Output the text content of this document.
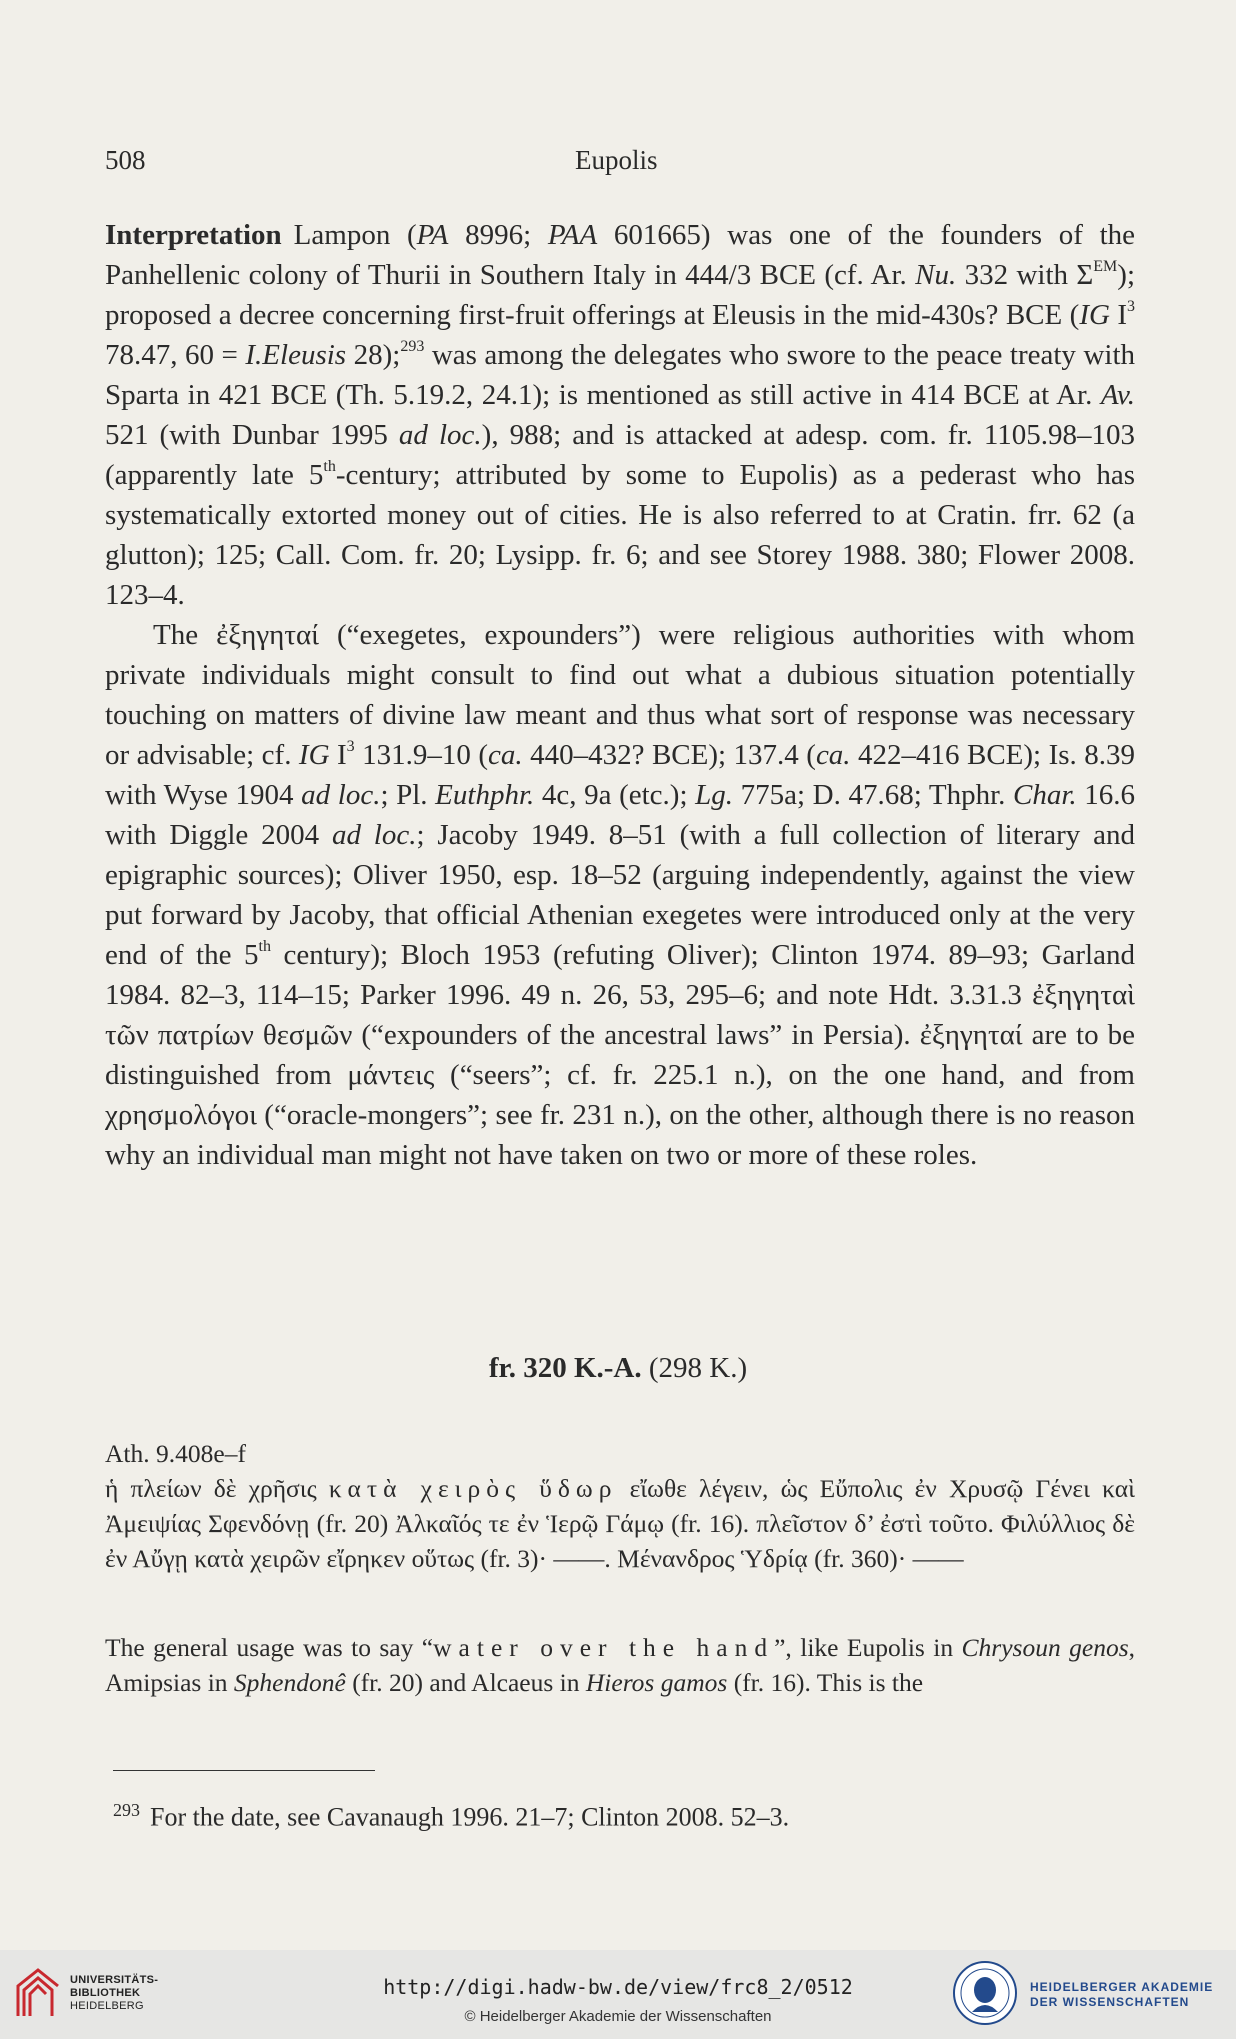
508	Eupolis

Interpretation Lampon (PA 8996; PAA 601665) was one of the founders of the Panhellenic colony of Thurii in Southern Italy in 444/3 BCE (cf. Ar. Nu. 332 with $\Sigma^{EM}$); proposed a decree concerning first-fruit offerings at Eleusis in the mid-430s? BCE (IG $I^3$ 78.47, 60 = I.Eleusis 28);$^{293}$ was among the delegates who swore to the peace treaty with Sparta in 421 BCE (Th. 5.19.2, 24.1); is mentioned as still active in 414 BCE at Ar. Av. 521 (with Dunbar 1995 ad loc.), 988; and is attacked at adesp. com. fr. 1105.98–103 (apparently late 5th-century; attributed by some to Eupolis) as a pederast who has systematically extorted money out of cities. He is also referred to at Cratin. frr. 62 (a glutton); 125; Call. Com. fr. 20; Lysipp. fr. 6; and see Storey 1988. 380; Flower 2008. 123–4.

The ἐξηγηταί (“exegetes, expounders”) were religious authorities with whom private individuals might consult to find out what a dubious situation potentially touching on matters of divine law meant and thus what sort of response was necessary or advisable; cf. IG $I^3$ 131.9–10 (ca. 440–432? BCE); 137.4 (ca. 422–416 BCE); Is. 8.39 with Wyse 1904 ad loc.; Pl. Euthphr. 4c, 9a (etc.); Lg. 775a; D. 47.68; Thphr. Char. 16.6 with Diggle 2004 ad loc.; Jacoby 1949. 8–51 (with a full collection of literary and epigraphic sources); Oliver 1950, esp. 18–52 (arguing independently, against the view put forward by Jacoby, that official Athenian exegetes were introduced only at the very end of the 5th century); Bloch 1953 (refuting Oliver); Clinton 1974. 89–93; Garland 1984. 82–3, 114–15; Parker 1996. 49 n. 26, 53, 295–6; and note Hdt. 3.31.3 ἐξηγηταὶ τῶν πατρίων θεσμῶν (“expounders of the ancestral laws” in Persia). ἐξηγηταί are to be distinguished from μάντεις (“seers”; cf. fr. 225.1 n.), on the one hand, and from χρησμολόγοι (“oracle-mongers”; see fr. 231 n.), on the other, although there is no reason why an individual man might not have taken on two or more of these roles.

fr. 320 K.-A. (298 K.)

Ath. 9.408e–f

ἡ πλείων δὲ χρῆσις κατὰ χειρὸς ὕδωρ εἴωθε λέγειν, ὡς Εὔπολις ἐν Χρυσῷ Γένει καὶ Ἀμειψίας Σφενδόνῃ (fr. 20) Ἀλκαῖός τε ἐν Ἱερῷ Γάμῳ (fr. 16). πλεῖστον δ’ ἐστὶ τοῦτο. Φιλύλλιος δὲ ἐν Αὔγῃ κατὰ χειρῶν εἴρηκεν οὕτως (fr. 3)· ——. Μένανδρος Ὑδρίᾳ (fr. 360)· ——

The general usage was to say “water over the hand”, like Eupolis in Chrysoun genos, Amipsias in Sphendonê (fr. 20) and Alcaeus in Hieros gamos (fr. 16). This is the

$^{293}$ For the date, see Cavanaugh 1996. 21–7; Clinton 2008. 52–3.
UNIVERSITÄTS-
BIBLIOTHEK
HEIDELBERG
http://digi.hadw-bw.de/view/frc8_2/0512
© Heidelberger Akademie der Wissenschaften
HEIDELBERGER AKADEMIE
DER WISSENSCHAFTEN
